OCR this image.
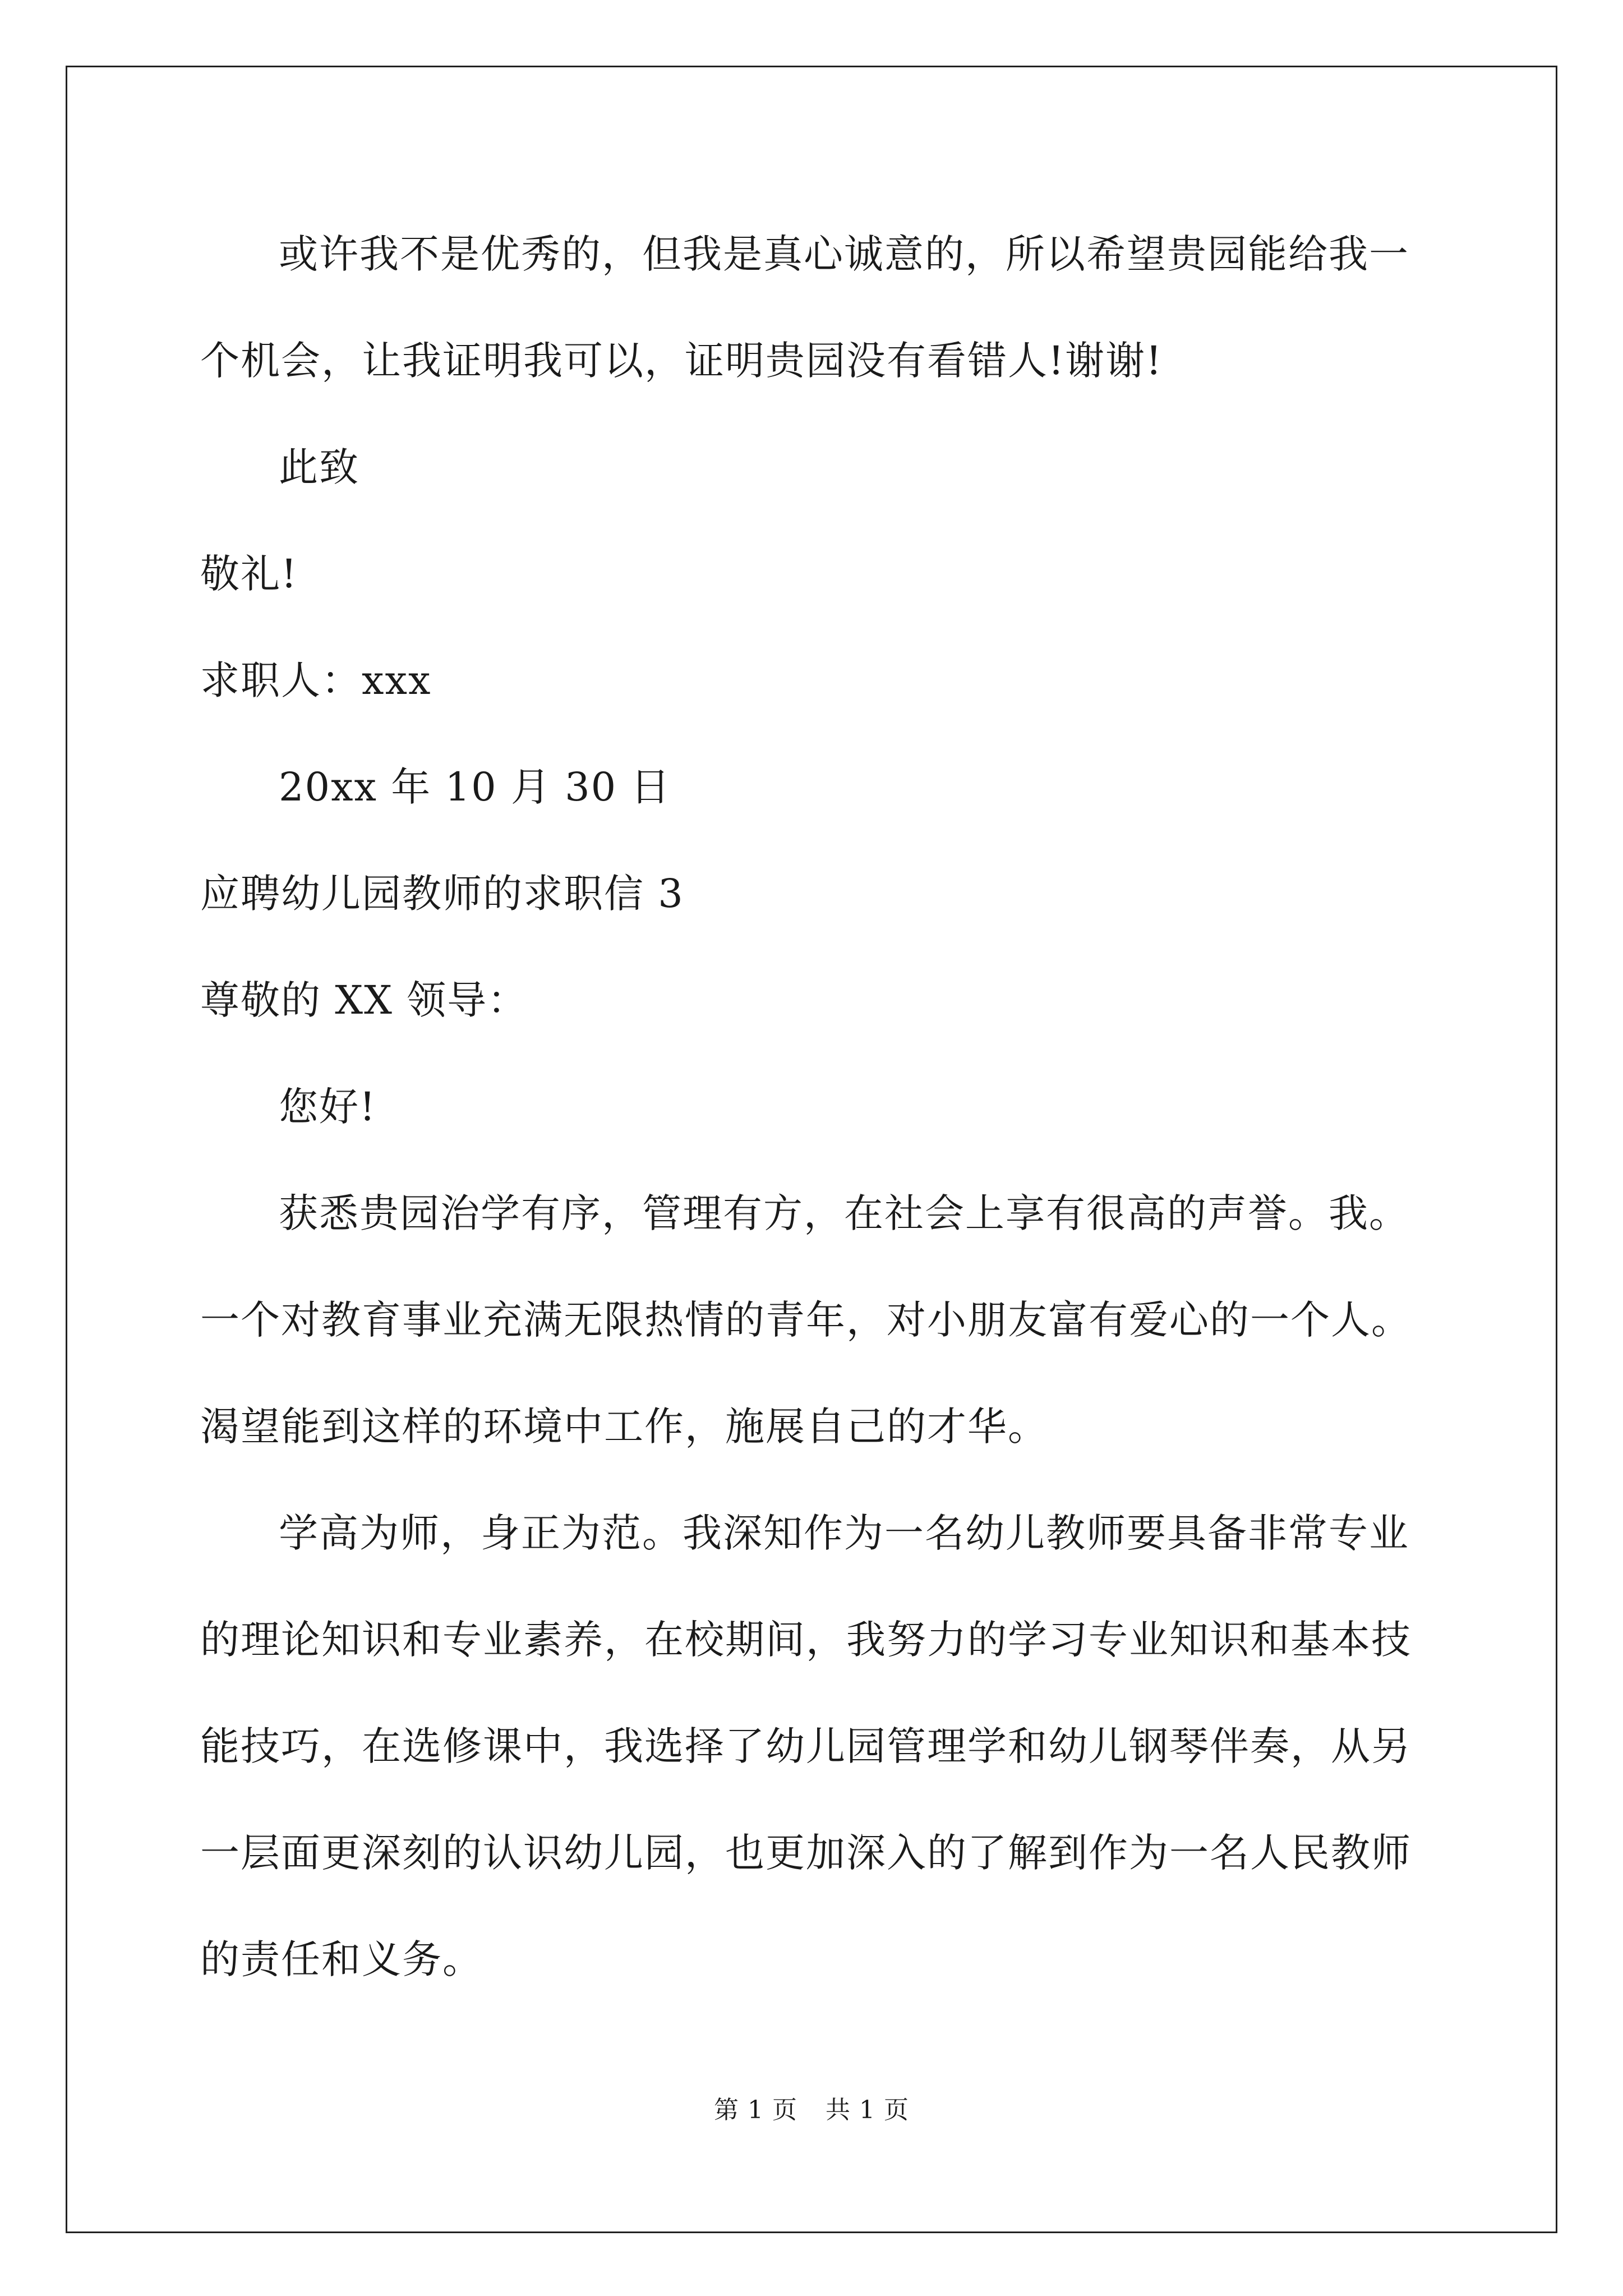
或许我不是优秀的，但我是真心诚意的，所以希望贵园能给我一
个机会，让我证明我可以，证明贵园没有看错人!谢谢!
此致
敬礼!
求职人：xxx
20xx 年 10 月 30 日
应聘幼儿园教师的求职信 3
尊敬的 XX 领导：
您好!
获悉贵园治学有序，管理有方，在社会上享有很高的声誉。我。
一个对教育事业充满无限热情的青年，对小朋友富有爱心的一个人。
渴望能到这样的环境中工作，施展自己的才华。
学高为师，身正为范。我深知作为一名幼儿教师要具备非常专业
的理论知识和专业素养，在校期间，我努力的学习专业知识和基本技
能技巧，在选修课中，我选择了幼儿园管理学和幼儿钢琴伴奏，从另
一层面更深刻的认识幼儿园，也更加深入的了解到作为一名人民教师
的责任和义务。
第 1 页 共 1 页
